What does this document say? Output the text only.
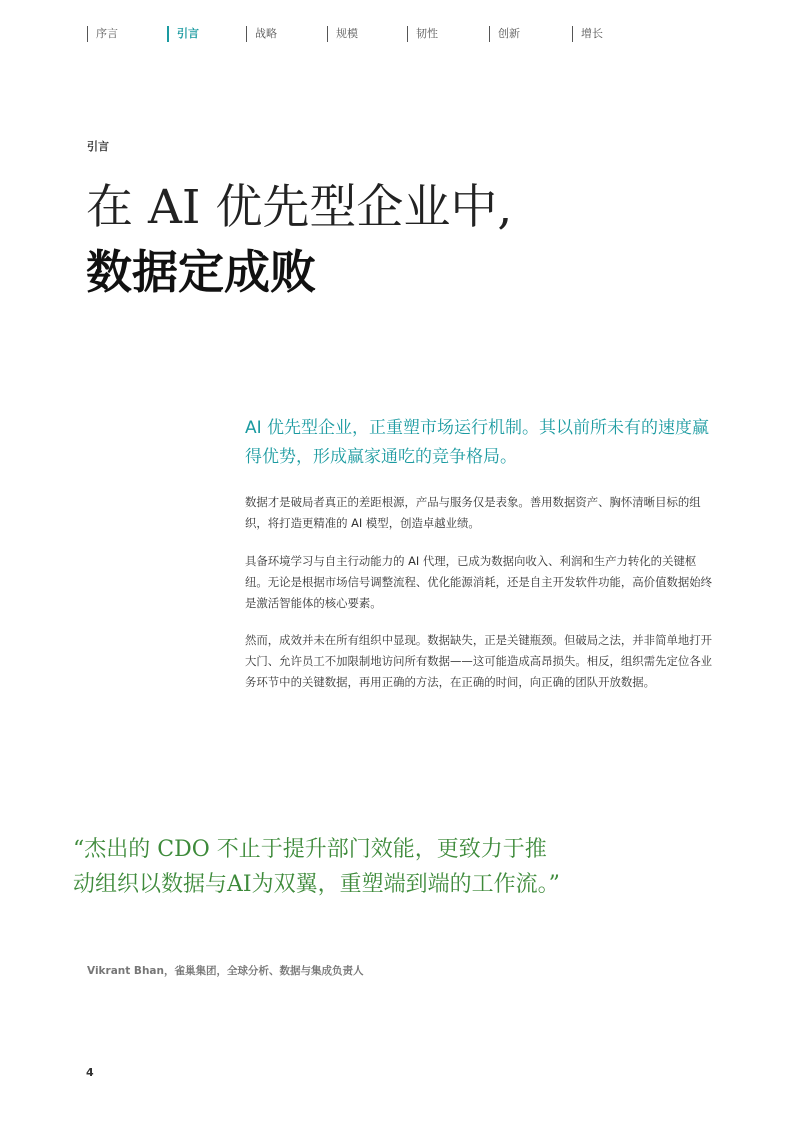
序言	引言	战略	规模	韧性	创新	增长
引言
在 AI 优先型企业中,
数据定成败
AI 优先型企业，正重塑市场运行机制。其以前所未有的速度赢得优势，形成赢家通吃的竞争格局。
数据才是破局者真正的差距根源，产品与服务仅是表象。善用数据资产、胸怀清晰目标的组织，将打造更精准的 AI 模型，创造卓越业绩。
具备环境学习与自主行动能力的 AI 代理，已成为数据向收入、利润和生产力转化的关键枢纽。无论是根据市场信号调整流程、优化能源消耗，还是自主开发软件功能，高价值数据始终是激活智能体的核心要素。
然而，成效并未在所有组织中显现。数据缺失，正是关键瓶颈。但破局之法，并非简单地打开大门、允许员工不加限制地访问所有数据——这可能造成高昂损失。相反，组织需先定位各业务环节中的关键数据，再用正确的方法，在正确的时间，向正确的团队开放数据。
“杰出的 CDO 不止于提升部门效能，更致力于推动组织以数据与AI为双翼，重塑端到端的工作流。”
Vikrant Bhan，雀巢集团，全球分析、数据与集成负责人
4
